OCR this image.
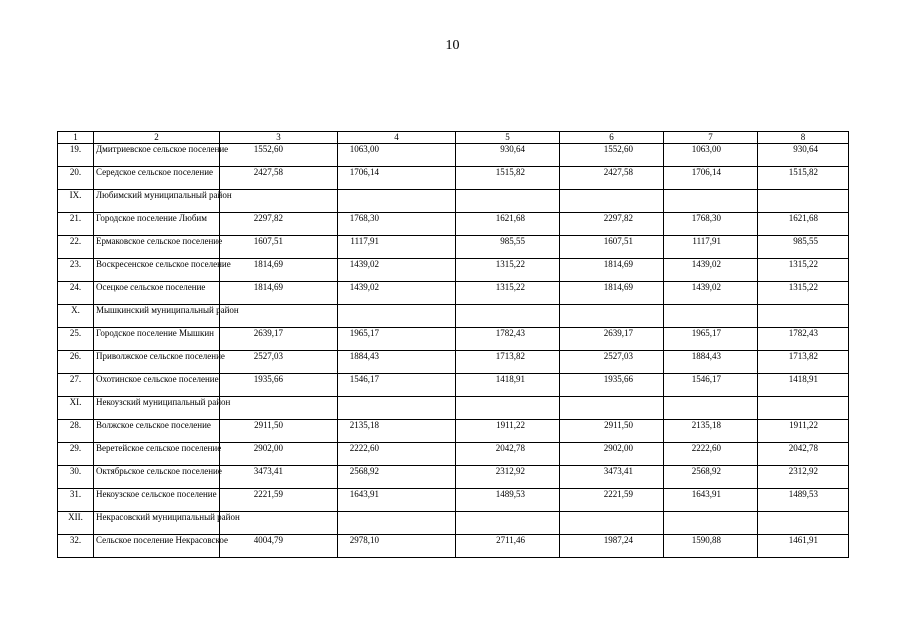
10
1	2	3	4	5	6	7	8
19.	Дмитриевское сельское поселение	1552,60	1063,00	930,64	1552,60	1063,00	930,64
20.	Середское сельское поселение	2427,58	1706,14	1515,82	2427,58	1706,14	1515,82
IX.	Любимский муниципальный район						
21.	Городское поселение Любим	2297,82	1768,30	1621,68	2297,82	1768,30	1621,68
22.	Ермаковское сельское поселение	1607,51	1117,91	985,55	1607,51	1117,91	985,55
23.	Воскресенское сельское поселение	1814,69	1439,02	1315,22	1814,69	1439,02	1315,22
24.	Осецкое сельское поселение	1814,69	1439,02	1315,22	1814,69	1439,02	1315,22
X.	Мышкинский муниципальный район						
25.	Городское поселение Мышкин	2639,17	1965,17	1782,43	2639,17	1965,17	1782,43
26.	Приволжское сельское поселение	2527,03	1884,43	1713,82	2527,03	1884,43	1713,82
27.	Охотинское сельское поселение	1935,66	1546,17	1418,91	1935,66	1546,17	1418,91
XI.	Некоузский муниципальный район						
28.	Волжское сельское поселение	2911,50	2135,18	1911,22	2911,50	2135,18	1911,22
29.	Веретейское сельское поселение	2902,00	2222,60	2042,78	2902,00	2222,60	2042,78
30.	Октябрьское сельское поселение	3473,41	2568,92	2312,92	3473,41	2568,92	2312,92
31.	Некоузское сельское поселение	2221,59	1643,91	1489,53	2221,59	1643,91	1489,53
XII.	Некрасовский муниципальный район						
32.	Сельское поселение Некрасовское	4004,79	2978,10	2711,46	1987,24	1590,88	1461,91
